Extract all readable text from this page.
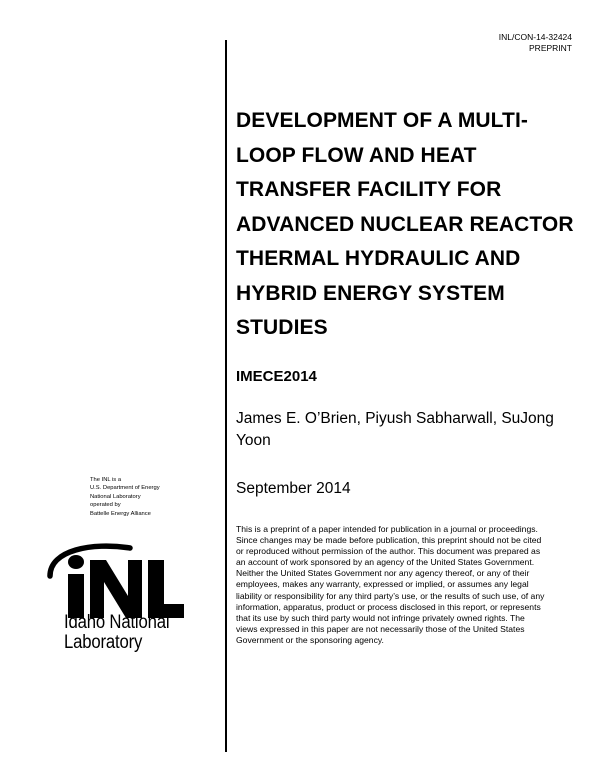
INL/CON-14-32424
PREPRINT
DEVELOPMENT OF A MULTI-LOOP FLOW AND HEAT TRANSFER FACILITY FOR ADVANCED NUCLEAR REACTOR THERMAL HYDRAULIC AND HYBRID ENERGY SYSTEM STUDIES
IMECE2014
James E. O’Brien, Piyush Sabharwall, SuJong Yoon
September 2014
This is a preprint of a paper intended for publication in a journal or proceedings. Since changes may be made before publication, this preprint should not be cited or reproduced without permission of the author. This document was prepared as an account of work sponsored by an agency of the United States Government. Neither the United States Government nor any agency thereof, or any of their employees, makes any warranty, expressed or implied, or assumes any legal liability or responsibility for any third party’s use, or the results of such use, of any information, apparatus, product or process disclosed in this report, or represents that its use by such third party would not infringe privately owned rights. The views expressed in this paper are not necessarily those of the United States Government or the sponsoring agency.
The INL is a
U.S. Department of Energy
National Laboratory
operated by
Battelle Energy Alliance
Idaho National
Laboratory
